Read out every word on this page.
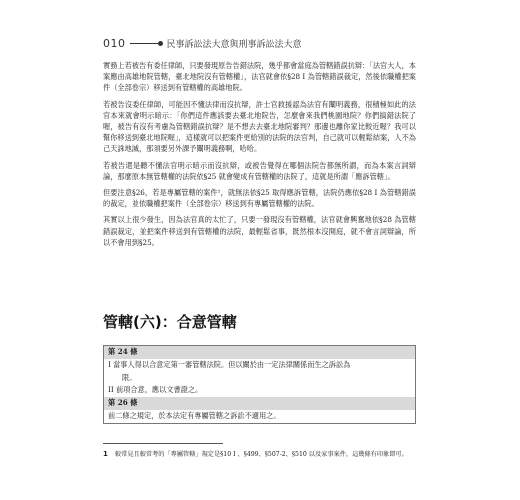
010	民事訴訟法大意與刑事訴訟法大意

實務上若被告有委任律師，只要發現原告告錯法院，幾乎都會當庭為管轄錯誤抗辯：「法官大人，本案應由高雄地院管轄，臺北地院沒有管轄權」，法官就會依§28 I 為管轄錯誤裁定，然後依職權把案件（全部卷宗）移送到有管轄權的高雄地院。

若被告沒委任律師，可能因不懂法律而沒抗辯，許士官救援認為法官有闡明義務，很積極如此的法官本來就會明示暗示：「你們這件應該要去臺北地院告，怎麼會來我們桃園地院？你們搞錯法院了喔，被告有沒有考慮為管轄錯誤抗辯？是不想去去臺北地院審判？那邊也離你家比較近喔？我可以幫你移送到臺北地院喔」，這樣就可以把案件更給別的法院的法官判，自己就可以輕鬆結案，人不為己天誅地滅，那須要另外課予闡明義務啊，哈哈。

若被告還是聽不懂法官明示暗示而沒抗辯，或被告覺得在哪個法院告都無所謂，而為本案言詞辯論，那麼原本無管轄權的法院依§25 就會變成有管轄權的法院了，這就是所謂「應訴管轄」。

但要注意§26，若是專屬管轄的案件¹，就無法依§25 取得應訴管轄，法院仍應依§28 I 為管轄錯誤的裁定，並依職權把案件（全部卷宗）移送到有專屬管轄權的法院。

其實以上很少發生，因為法官真的太忙了，只要一發現沒有管轄權，法官就會興奮地依§28 為管轄錯誤裁定，並把案件移送到有管轄權的法院，最輕鬆省事，既然根本沒開庭，就不會言詞辯論，所以不會用到§25。

管轄(六)：合意管轄
第 24 條
I 當事人得以合意定第一審管轄法院。但以關於由一定法律關係而生之訴訟為
限。
II 前項合意，應以文書證之。
第 26 條
前二條之規定，於本法定有專屬管轄之訴訟不適用之。
1	較常見且較常考的「專屬管轄」規定是§10 I 、§499、§507-2、§510 以及家事案件，這幾條有印象即可。
